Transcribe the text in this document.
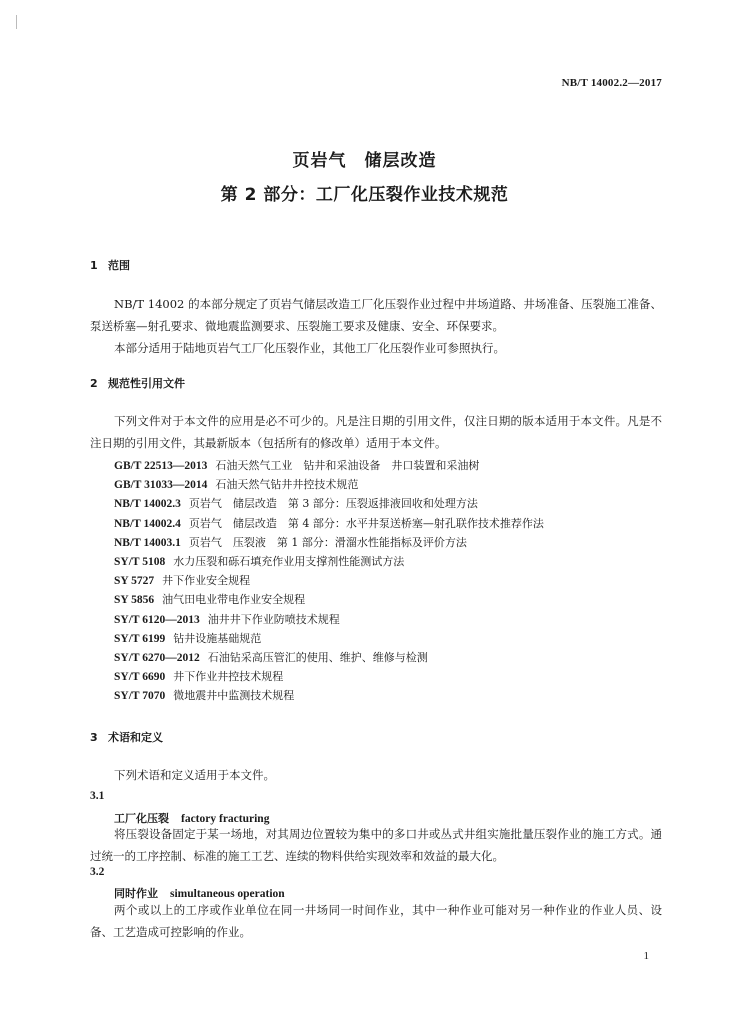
NB/T 14002.2—2017
页岩气　储层改造
第 2 部分：工厂化压裂作业技术规范
1 范围

NB/T 14002 的本部分规定了页岩气储层改造工厂化压裂作业过程中井场道路、井场准备、压裂施工准备、泵送桥塞—射孔要求、微地震监测要求、压裂施工要求及健康、安全、环保要求。

本部分适用于陆地页岩气工厂化压裂作业，其他工厂化压裂作业可参照执行。

2 规范性引用文件

下列文件对于本文件的应用是必不可少的。凡是注日期的引用文件，仅注日期的版本适用于本文件。凡是不注日期的引用文件，其最新版本（包括所有的修改单）适用于本文件。

GB/T 22513—2013 石油天然气工业　钻井和采油设备　井口装置和采油树
GB/T 31033—2014 石油天然气钻井井控技术规范
NB/T 14002.3 页岩气　储层改造　第 3 部分：压裂返排液回收和处理方法
NB/T 14002.4 页岩气　储层改造　第 4 部分：水平井泵送桥塞—射孔联作技术推荐作法
NB/T 14003.1 页岩气　压裂液　第 1 部分：滑溜水性能指标及评价方法
SY/T 5108 水力压裂和砾石填充作业用支撑剂性能测试方法
SY 5727 井下作业安全规程
SY 5856 油气田电业带电作业安全规程
SY/T 6120—2013 油井井下作业防喷技术规程
SY/T 6199 钻井设施基础规范
SY/T 6270—2012 石油钻采高压管汇的使用、维护、维修与检测
SY/T 6690 井下作业井控技术规程
SY/T 7070 微地震井中监测技术规程
3 术语和定义

下列术语和定义适用于本文件。

3.1
工厂化压裂 factory fracturing

将压裂设备固定于某一场地，对其周边位置较为集中的多口井或丛式井组实施批量压裂作业的施工方式。通过统一的工序控制、标准的施工工艺、连续的物料供给实现效率和效益的最大化。

3.2
同时作业 simultaneous operation

两个或以上的工序或作业单位在同一井场同一时间作业，其中一种作业可能对另一种作业的作业人员、设备、工艺造成可控影响的作业。

1
